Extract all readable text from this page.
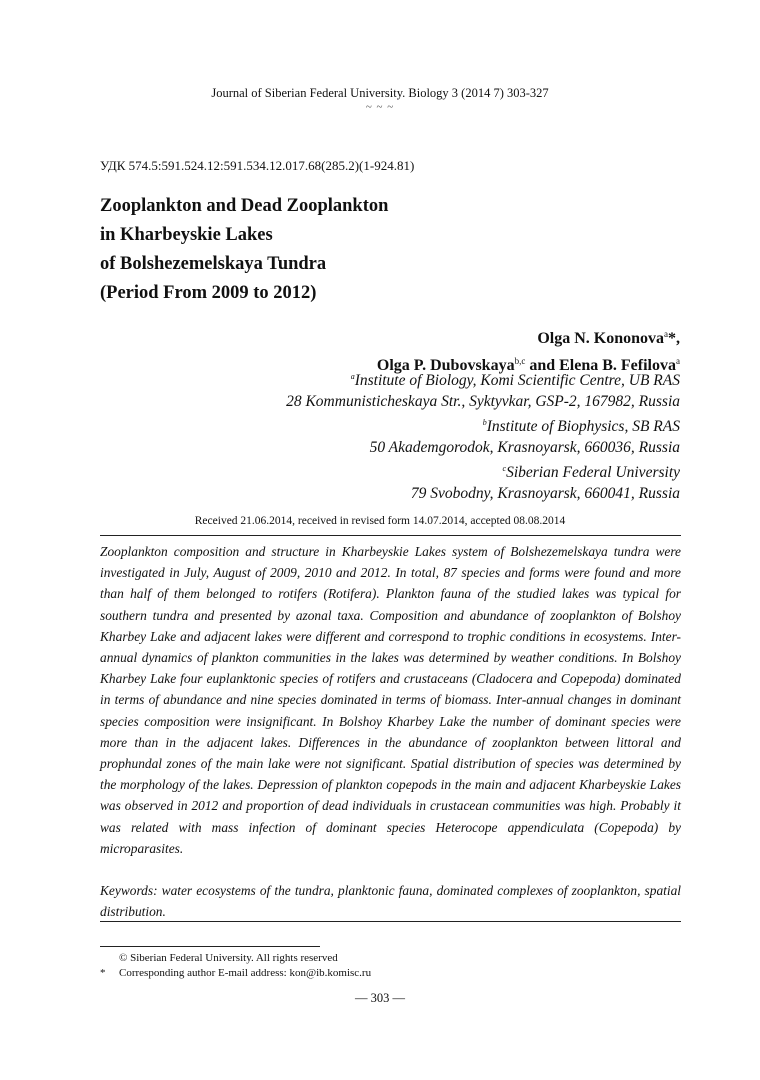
Journal of Siberian Federal University. Biology 3 (2014 7) 303-327
~ ~ ~
УДК 574.5:591.524.12:591.534.12.017.68(285.2)(1-924.81)
Zooplankton and Dead Zooplankton
in Kharbeyskie Lakes
of Bolshezemelskaya Tundra
(Period From 2009 to 2012)
Olga N. Kononova$^a$*,
Olga P. Dubovskaya$^{b,c}$ and Elena B. Fefilova$^a$
$^a$Institute of Biology, Komi Scientific Centre, UB RAS
28 Kommunisticheskaya Str., Syktyvkar, GSP-2, 167982, Russia
$^b$Institute of Biophysics, SB RAS
50 Akademgorodok, Krasnoyarsk, 660036, Russia
$^c$Siberian Federal University
79 Svobodny, Krasnoyarsk, 660041, Russia
Received 21.06.2014, received in revised form 14.07.2014, accepted 08.08.2014
Zooplankton composition and structure in Kharbeyskie Lakes system of Bolshezemelskaya tundra were investigated in July, August of 2009, 2010 and 2012. In total, 87 species and forms were found and more than half of them belonged to rotifers (Rotifera). Plankton fauna of the studied lakes was typical for southern tundra and presented by azonal taxa. Composition and abundance of zooplankton of Bolshoy Kharbey Lake and adjacent lakes were different and correspond to trophic conditions in ecosystems. Inter-annual dynamics of plankton communities in the lakes was determined by weather conditions. In Bolshoy Kharbey Lake four euplanktonic species of rotifers and crustaceans (Cladocera and Copepoda) dominated in terms of abundance and nine species dominated in terms of biomass. Inter-annual changes in dominant species composition were insignificant. In Bolshoy Kharbey Lake the number of dominant species were more than in the adjacent lakes. Differences in the abundance of zooplankton between littoral and prophundal zones of the main lake were not significant. Spatial distribution of species was determined by the morphology of the lakes. Depression of plankton copepods in the main and adjacent Kharbeyskie Lakes was observed in 2012 and proportion of dead individuals in crustacean communities was high. Probably it was related with mass infection of dominant species Heterocope appendiculata (Copepoda) by microparasites.
Keywords: water ecosystems of the tundra, planktonic fauna, dominated complexes of zooplankton, spatial distribution.
© Siberian Federal University. All rights reserved
* Corresponding author E-mail address: kon@ib.komisc.ru
— 303 —
